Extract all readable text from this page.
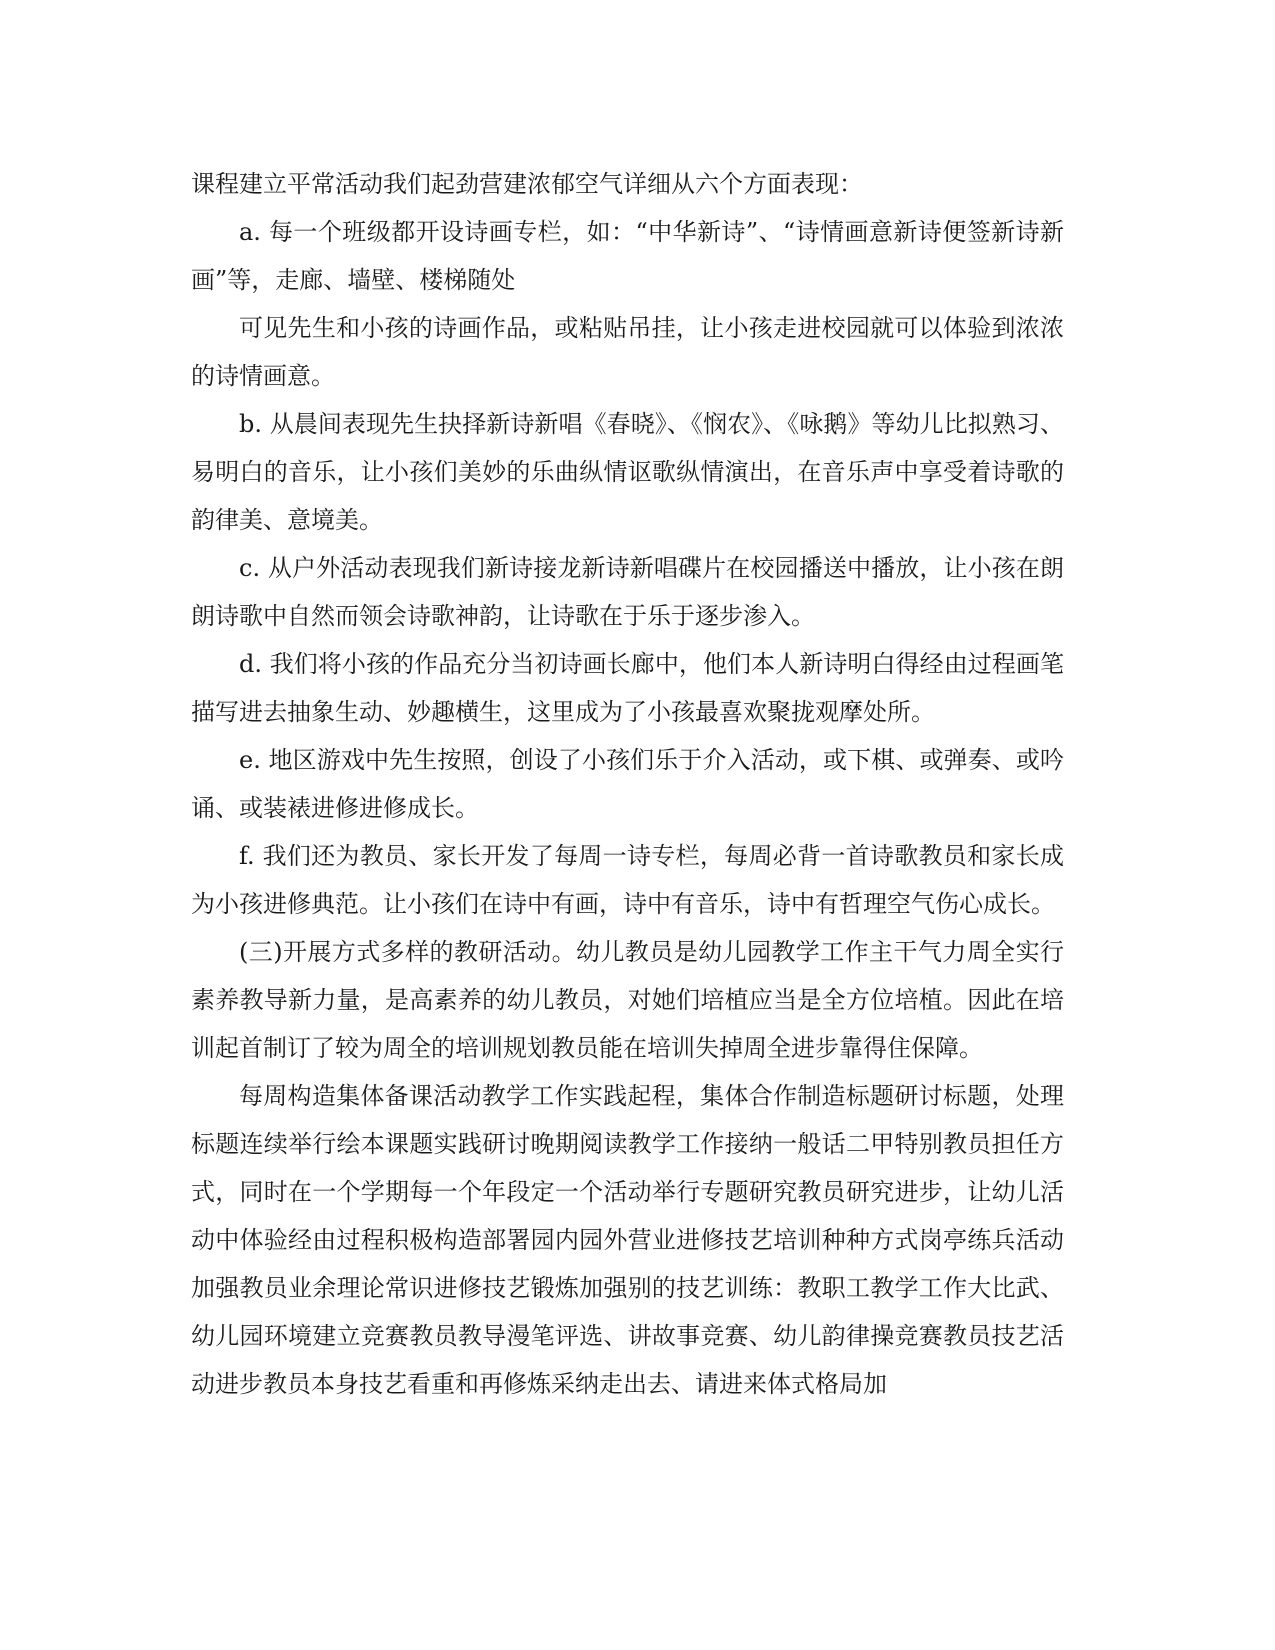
课程建立平常活动我们起劲营建浓郁空气详细从六个方面表现：

a. 每一个班级都开设诗画专栏，如：“中华新诗”、“诗情画意新诗便签新诗新画”等，走廊、墙壁、楼梯随处

可见先生和小孩的诗画作品，或粘贴吊挂，让小孩走进校园就可以体验到浓浓的诗情画意。

b. 从晨间表现先生抉择新诗新唱《春晓》、《悯农》、《咏鹅》等幼儿比拟熟习、易明白的音乐，让小孩们美妙的乐曲纵情讴歌纵情演出，在音乐声中享受着诗歌的韵律美、意境美。

c. 从户外活动表现我们新诗接龙新诗新唱碟片在校园播送中播放，让小孩在朗朗诗歌中自然而领会诗歌神韵，让诗歌在于乐于逐步渗入。

d. 我们将小孩的作品充分当初诗画长廊中，他们本人新诗明白得经由过程画笔描写进去抽象生动、妙趣横生，这里成为了小孩最喜欢聚拢观摩处所。

e. 地区游戏中先生按照，创设了小孩们乐于介入活动，或下棋、或弹奏、或吟诵、或装裱进修进修成长。

f. 我们还为教员、家长开发了每周一诗专栏，每周必背一首诗歌教员和家长成为小孩进修典范。让小孩们在诗中有画，诗中有音乐，诗中有哲理空气伤心成长。

(三)开展方式多样的教研活动。幼儿教员是幼儿园教学工作主干气力周全实行素养教导新力量，是高素养的幼儿教员，对她们培植应当是全方位培植。因此在培训起首制订了较为周全的培训规划教员能在培训失掉周全进步靠得住保障。

每周构造集体备课活动教学工作实践起程，集体合作制造标题研讨标题，处理标题连续举行绘本课题实践研讨晚期阅读教学工作接纳一般话二甲特别教员担任方式，同时在一个学期每一个年段定一个活动举行专题研究教员研究进步，让幼儿活动中体验经由过程积极构造部署园内园外营业进修技艺培训种种方式岗亭练兵活动加强教员业余理论常识进修技艺锻炼加强别的技艺训练：教职工教学工作大比武、幼儿园环境建立竞赛教员教导漫笔评选、讲故事竞赛、幼儿韵律操竞赛教员技艺活动进步教员本身技艺看重和再修炼采纳走出去、请进来体式格局加
